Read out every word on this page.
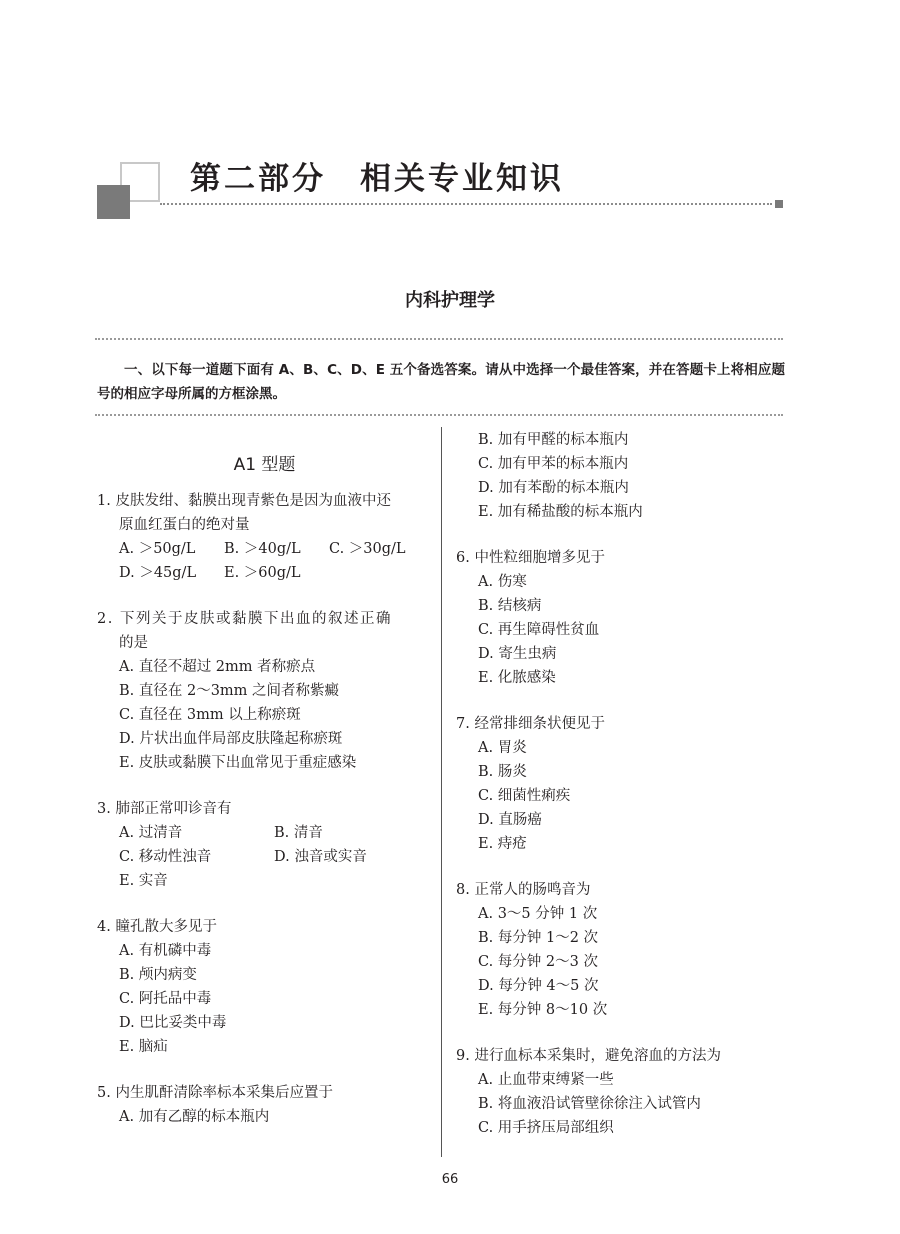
第二部分　相关专业知识
内科护理学

一、以下每一道题下面有 A、B、C、D、E 五个备选答案。请从中选择一个最佳答案，并在答题卡上将相应题号的相应字母所属的方框涂黑。

A1 型题
1. 皮肤发绀、黏膜出现青紫色是因为血液中还
原血红蛋白的绝对量
A. ＞50g/L	B. ＞40g/L	C. ＞30g/L
D. ＞45g/L	E. ＞60g/L
2. 下列关于皮肤或黏膜下出血的叙述正确
的是
A. 直径不超过 2mm 者称瘀点
B. 直径在 2～3mm 之间者称紫癜
C. 直径在 3mm 以上称瘀斑
D. 片状出血伴局部皮肤隆起称瘀斑
E. 皮肤或黏膜下出血常见于重症感染
3. 肺部正常叩诊音有
A. 过清音	B. 清音
C. 移动性浊音	D. 浊音或实音
E. 实音
4. 瞳孔散大多见于
A. 有机磷中毒
B. 颅内病变
C. 阿托品中毒
D. 巴比妥类中毒
E. 脑疝
5. 内生肌酐清除率标本采集后应置于
A. 加有乙醇的标本瓶内
B. 加有甲醛的标本瓶内
C. 加有甲苯的标本瓶内
D. 加有苯酚的标本瓶内
E. 加有稀盐酸的标本瓶内
6. 中性粒细胞增多见于
A. 伤寒
B. 结核病
C. 再生障碍性贫血
D. 寄生虫病
E. 化脓感染
7. 经常排细条状便见于
A. 胃炎
B. 肠炎
C. 细菌性痢疾
D. 直肠癌
E. 痔疮
8. 正常人的肠鸣音为
A. 3～5 分钟 1 次
B. 每分钟 1～2 次
C. 每分钟 2～3 次
D. 每分钟 4～5 次
E. 每分钟 8～10 次
9. 进行血标本采集时，避免溶血的方法为
A. 止血带束缚紧一些
B. 将血液沿试管壁徐徐注入试管内
C. 用手挤压局部组织

66
